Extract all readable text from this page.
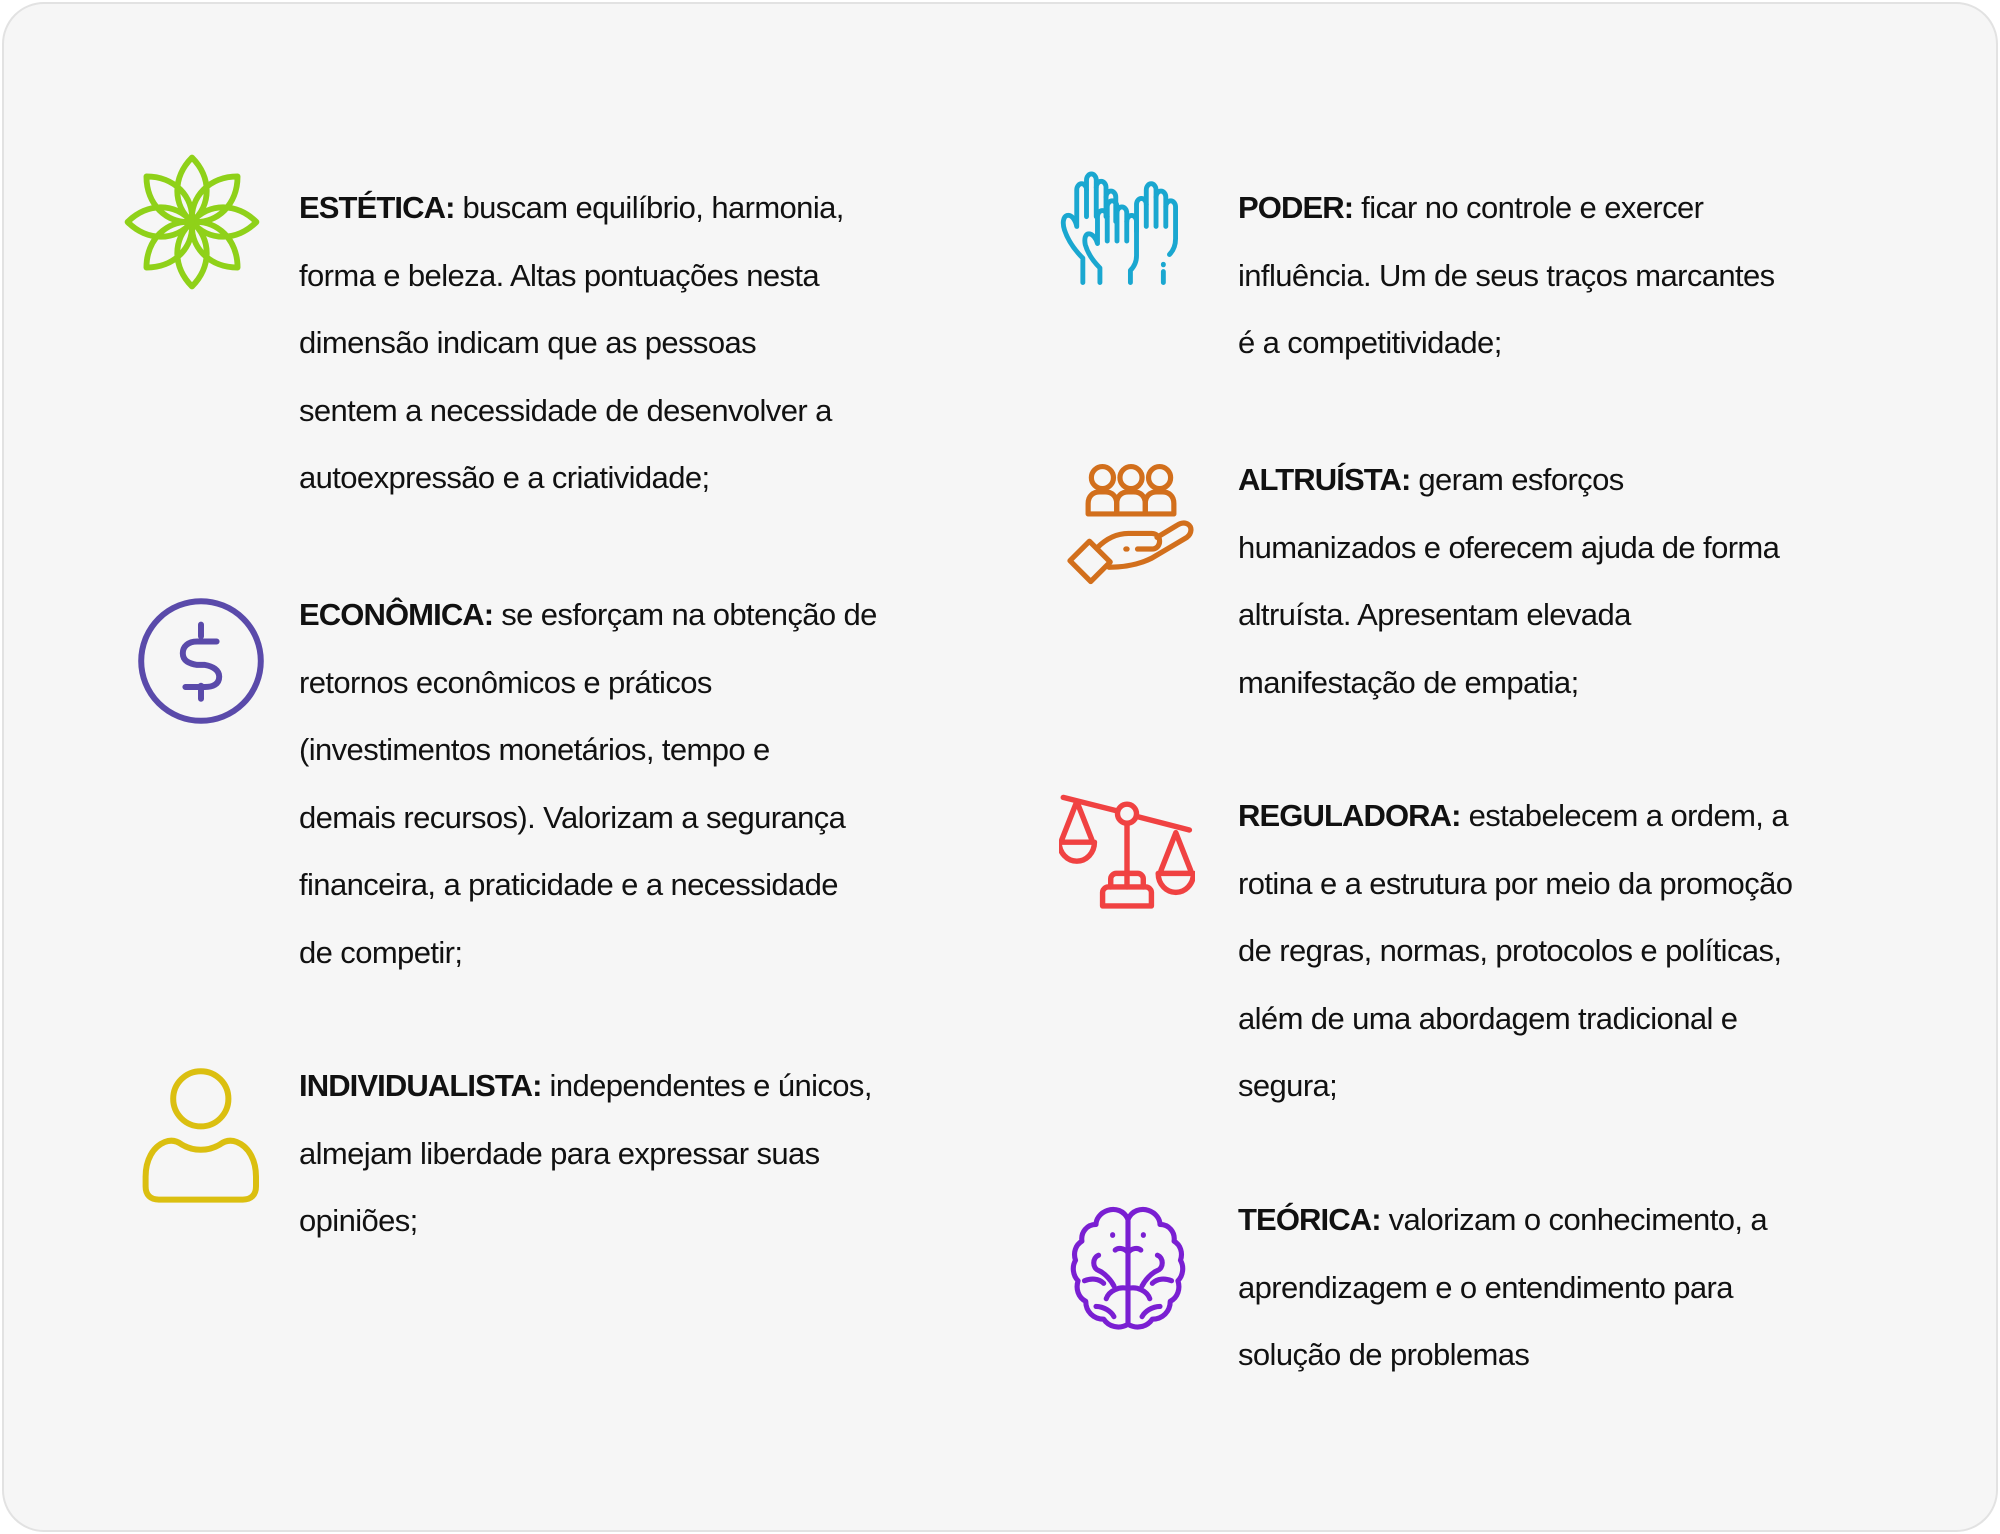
ESTÉTICA: buscam equilíbrio, harmonia,
forma e beleza. Altas pontuações nesta
dimensão indicam que as pessoas
sentem a necessidade de desenvolver a
autoexpressão e a criatividade;
ECONÔMICA: se esforçam na obtenção de
retornos econômicos e práticos
(investimentos monetários, tempo e
demais recursos). Valorizam a segurança
financeira, a praticidade e a necessidade
de competir;
INDIVIDUALISTA: independentes e únicos,
almejam liberdade para expressar suas
opiniões;
PODER: ficar no controle e exercer
influência. Um de seus traços marcantes
é a competitividade;
ALTRUÍSTA: geram esforços
humanizados e oferecem ajuda de forma
altruísta. Apresentam elevada
manifestação de empatia;
REGULADORA: estabelecem a ordem, a
rotina e a estrutura por meio da promoção
de regras, normas, protocolos e políticas,
além de uma abordagem tradicional e
segura;
TEÓRICA: valorizam o conhecimento, a
aprendizagem e o entendimento para
solução de problemas
